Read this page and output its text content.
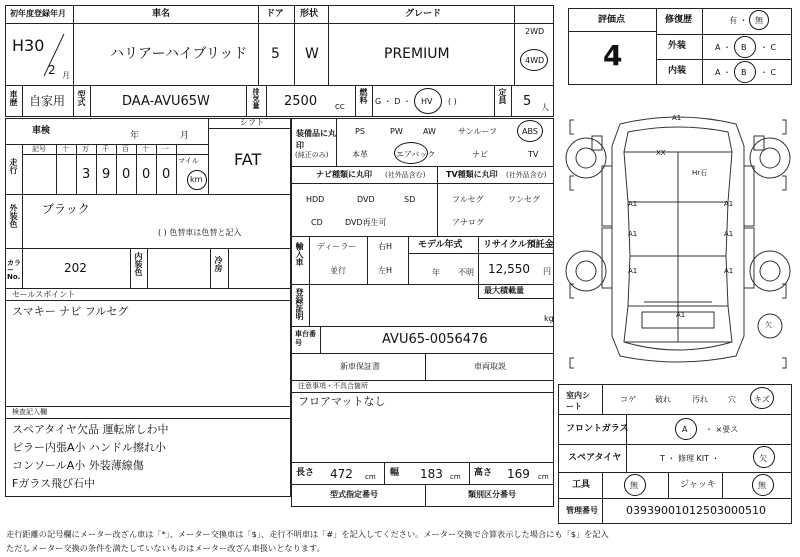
初年度登録年月	車名	ドア 形状	グレード
H30
2 月
ハリアーハイブリッド 5 W	PREMIUM
2WD
4WD
車歴 自家用 型式	DAA-AVU65W	排気量 2500	CC
燃料 G ・ D ・ HV ( )	定員 5 人
評価点
4
修復歴	有 ・ 無
外装	A ・ B ・ C
内装	A ・ B ・ C
車検	年	月
シフト
FAT
走行
記号 十 万 千 百 十 一
マイル
3 9 0 0 0 km
外装色 ブラック
( ) 色替車は色替と記入
カラーNo.
202	内装色	冷房
セールスポイント
スマキー ナビ フルセグ
検査記入欄
スペアタイヤ欠品 運転席しわ中
ピラー内張A小 ハンドル擦れ小
コンソールA小 外装薄線傷
Fガラス飛び石中
装備品に丸印
(純正のみ)
PS	PW	AW	サンルーフ	ABS
本革	エアバック	ナビ	TV
ナビ種類に丸印 (社外品含む)	TV種類に丸印 (社外品含む)
HDD	DVD	SD
CD	DVD再生可
フルセグ	ワンセグ
アナログ
輸入車 ディーラー
並行
右H
左H
モデル年式
年 不明
リサイクル預託金
12,550 円
登録証明	最大積載量
kg
車台番号	AVU65-0056476
新車保証書	車両取説
注意事項・不具合箇所
フロアマットなし
長さ 472 cm 幅 183 cm 高さ 169 cm
型式指定番号	類別区分番号
A1
A1	A1
A1	A1
A1	A1
A1
XX
Hr石
欠
室内シート
コゲ 破れ	汚れ	穴 キズ
フロントガラス	A ・ ×要ス
スペアタイヤ	T ・ 修理 KIT ・	欠
工具	無	ジャッキ	無
管理番号	0393900101250300051​0
走行距離の記号欄にメーター改ざん車は「*」、メーター交換車は「$」、走行不明車は「#」を記入してください。メーター交換で合算表示した場合にも「$」を記入
ただしメーター交換の条件を満たしていないものはメーター改ざん車扱いとなります。
